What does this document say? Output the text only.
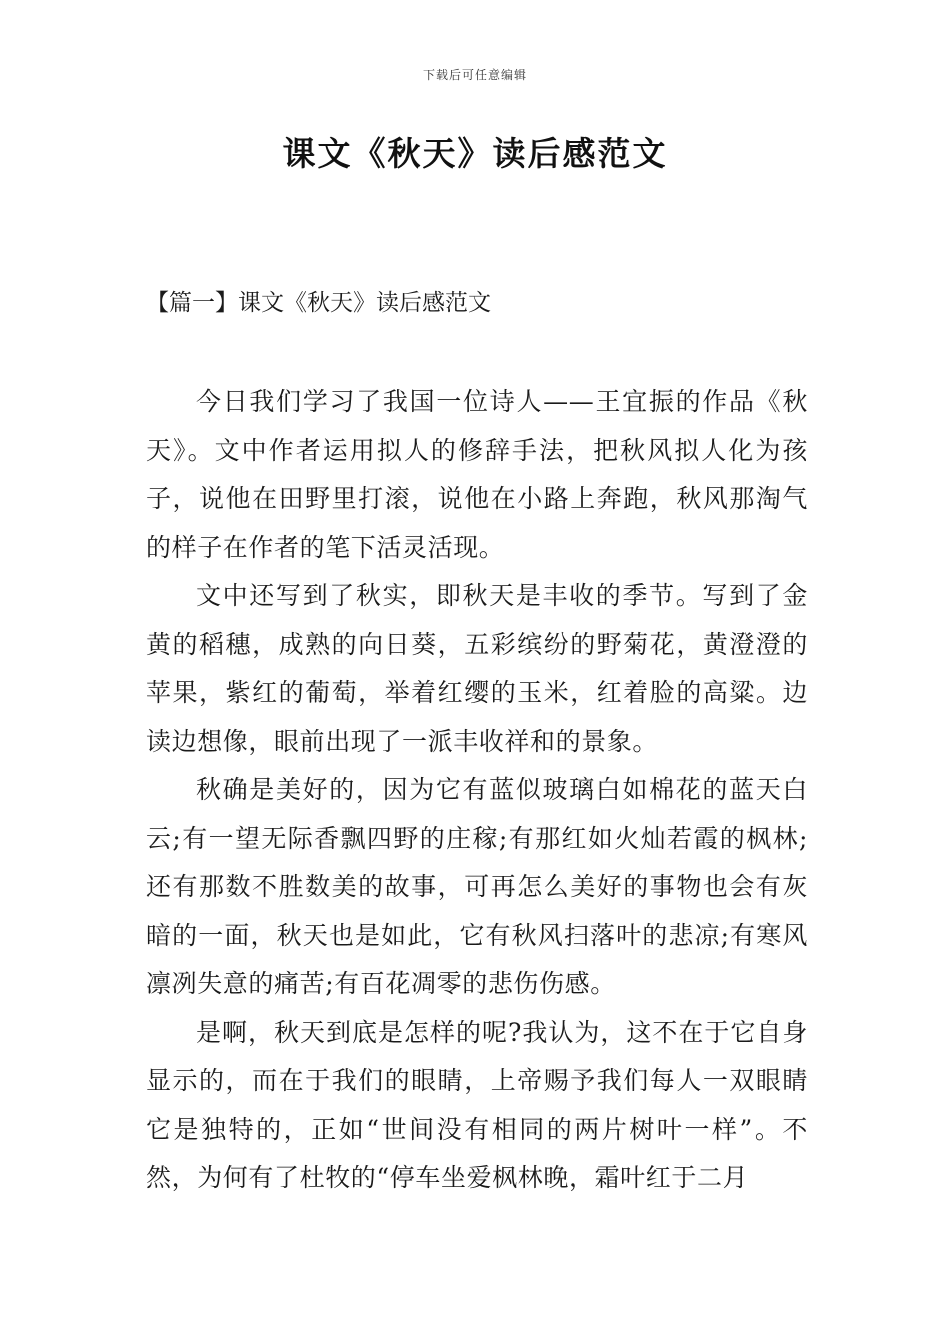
下载后可任意编辑
课文《秋天》读后感范文
【篇一】课文《秋天》读后感范文

今日我们学习了我国一位诗人——王宜振的作品《秋天》。文中作者运用拟人的修辞手法，把秋风拟人化为孩子，说他在田野里打滚，说他在小路上奔跑，秋风那淘气的样子在作者的笔下活灵活现。

文中还写到了秋实，即秋天是丰收的季节。写到了金黄的稻穗，成熟的向日葵，五彩缤纷的野菊花，黄澄澄的苹果，紫红的葡萄，举着红缨的玉米，红着脸的高粱。边读边想像，眼前出现了一派丰收祥和的景象。

秋确是美好的，因为它有蓝似玻璃白如棉花的蓝天白云;有一望无际香飘四野的庄稼;有那红如火灿若霞的枫林;还有那数不胜数美的故事，可再怎么美好的事物也会有灰暗的一面，秋天也是如此，它有秋风扫落叶的悲凉;有寒风凛冽失意的痛苦;有百花凋零的悲伤伤感。

是啊，秋天到底是怎样的呢?我认为，这不在于它自身显示的，而在于我们的眼睛，上帝赐予我们每人一双眼睛它是独特的，正如“世间没有相同的两片树叶一样”。不然，为何有了杜牧的“停车坐爱枫林晚，霜叶红于二月
